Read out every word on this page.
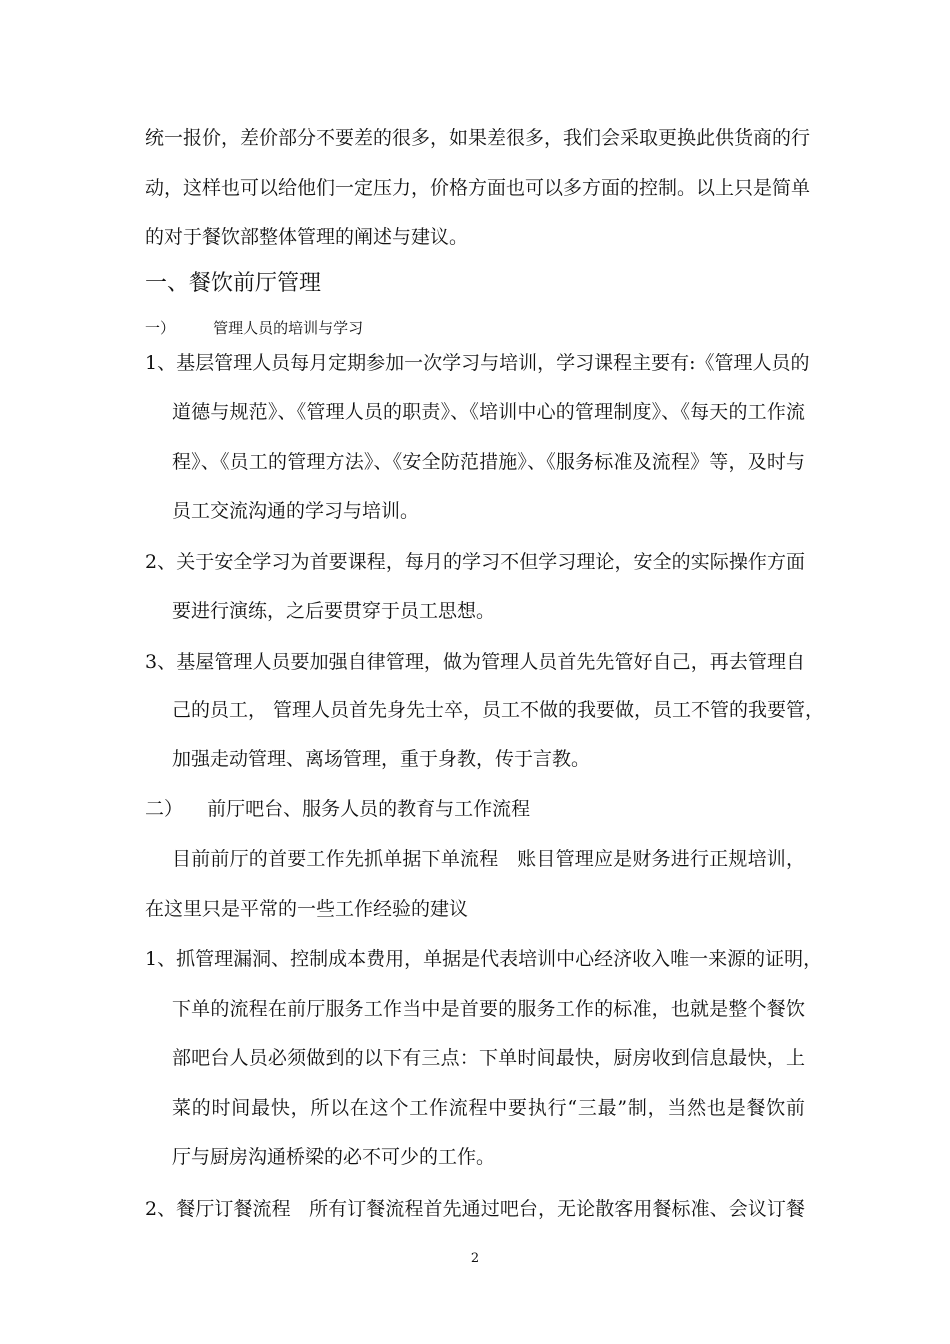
统一报价，差价部分不要差的很多，如果差很多，我们会采取更换此供货商的行
动，这样也可以给他们一定压力，价格方面也可以多方面的控制。以上只是简单
的对于餐饮部整体管理的阐述与建议。
一、餐饮前厅管理
一）        管理人员的培训与学习
1、基层管理人员每月定期参加一次学习与培训，学习课程主要有:《管理人员的
道德与规范》、《管理人员的职责》、《培训中心的管理制度》、《每天的工作流
程》、《员工的管理方法》、《安全防范措施》、《服务标准及流程》等，及时与
员工交流沟通的学习与培训。
2、关于安全学习为首要课程，每月的学习不但学习理论，安全的实际操作方面
要进行演练，之后要贯穿于员工思想。
3、基屋管理人员要加强自律管理，做为管理人员首先先管好自己，再去管理自
己的员工， 管理人员首先身先士卒，员工不做的我要做，员工不管的我要管，
加强走动管理、离场管理，重于身教，传于言教。
二）    前厅吧台、服务人员的教育与工作流程
目前前厅的首要工作先抓单据下单流程   账目管理应是财务进行正规培训，
在这里只是平常的一些工作经验的建议
1、抓管理漏洞、控制成本费用，单据是代表培训中心经济收入唯一来源的证明，
下单的流程在前厅服务工作当中是首要的服务工作的标准，也就是整个餐饮
部吧台人员必须做到的以下有三点：下单时间最快，厨房收到信息最快，上
菜的时间最快，所以在这个工作流程中要执行“三最”制，当然也是餐饮前
厅与厨房沟通桥梁的必不可少的工作。
2、餐厅订餐流程   所有订餐流程首先通过吧台，无论散客用餐标准、会议订餐
2
